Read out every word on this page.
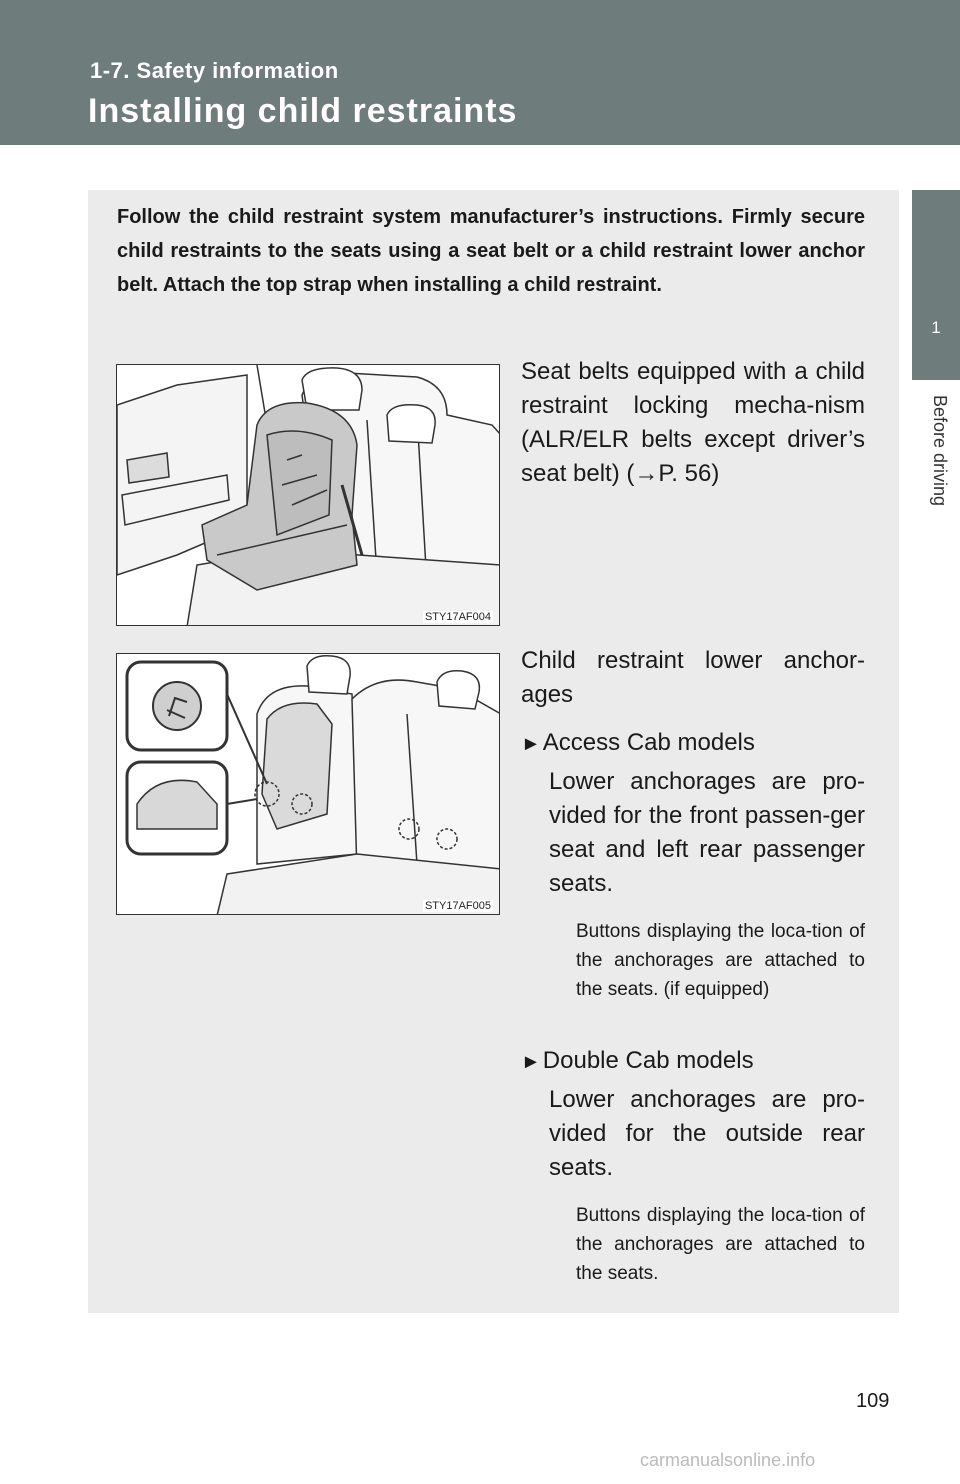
1-7. Safety information
Installing child restraints
1
Before driving
Follow the child restraint system manufacturer’s instructions. Firmly secure child restraints to the seats using a seat belt or a child restraint lower anchor belt. Attach the top strap when installing a child restraint.
STY17AF004
STY17AF005
Seat belts equipped with a child restraint locking mecha-nism (ALR/ELR belts except driver’s seat belt) (→P. 56)
Child restraint lower anchor-ages
►Access Cab models
Lower anchorages are pro-vided for the front passen-ger seat and left rear passenger seats.
Buttons displaying the loca-tion of the anchorages are attached to the seats. (if equipped)
►Double Cab models
Lower anchorages are pro-vided for the outside rear seats.
Buttons displaying the loca-tion of the anchorages are attached to the seats.
109
carmanualsonline.info
